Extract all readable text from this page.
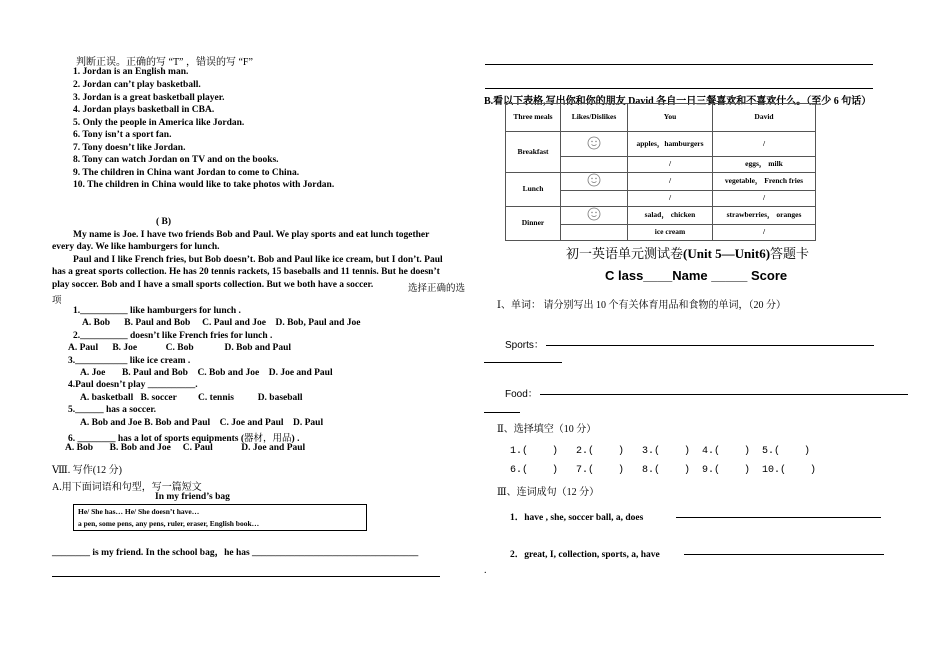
判断正误。正确的写 “T” ，错误的写 “F”
1. Jordan is an English man.
2. Jordan can’t play basketball.
3. Jordan is a great basketball player.
4. Jordan plays basketball in CBA.
5. Only the people in America like Jordan.
6. Tony isn’t a sport fan.
7. Tony doesn’t like Jordan.
8. Tony can watch Jordan on TV and on the books.
9. The children in China want Jordan to come to China.
10. The children in China would like to take photos with Jordan.
( B)
My name is Joe. I have two friends Bob and Paul. We play sports and eat lunch together
every day. We like hamburgers for lunch.
Paul and I like French fries, but Bob doesn’t. Bob and Paul like ice cream, but I don’t. Paul
has a great sports collection. He has 20 tennis rackets, 15 baseballs and 11 tennis. But he doesn’t
play soccer. Bob and I have a small sports collection. But we both have a soccer.	选择正确的选
项
1.__________ like hamburgers for lunch .
A. Bob      B. Paul and Bob     C. Paul and Joe    D. Bob, Paul and Joe
2.__________ doesn’t like French fries for lunch .
A. Paul      B. Joe            C. Bob             D. Bob and Paul
3.___________ like ice cream .
A. Joe       B. Paul and Bob    C. Bob and Joe    D. Joe and Paul
4.Paul doesn’t play __________.
A. basketball   B. soccer         C. tennis          D. baseball
5.______ has a soccer.
A. Bob and Joe B. Bob and Paul    C. Joe and Paul    D. Paul
6. ________ has a lot of sports equipments (器材，用品) .
A. Bob       B. Bob and Joe     C. Paul            D. Joe and Paul
Ⅷ. 写作(12 分)
A.用下面词语和句型，写一篇短文
In my friend’s bag
He/ She has… He/ She doesn’t have…
a pen, some pens, any pens, ruler, eraser, English book…
________ is my friend. In the school bag，he has ___________________________________
B.看以下表格,写出你和你的朋友 David 各自一日三餐喜欢和不喜欢什么。（至少 6 句话）
Three meals	Likes/Dislikes	You	David
Breakfast		apples，hamburgers	/
		/	eggs， milk
Lunch		/	vegetable， French fries
		/	/
Dinner		salad， chicken	strawberries， oranges
		ice cream	/
初一英语单元测试卷(Unit 5—Unit6)答题卡
C lass____Name _____ Score
Ⅰ、单词： 请分别写出 10 个有关体育用品和食物的单词，（20 分）
Sports：
Food：
Ⅱ、选择填空（10 分）
1.(    )   2.(    )   3.(    )  4.(    )  5.(    )
6.(    )   7.(    )   8.(    )  9.(    )  10.(    )
Ⅲ、连词成句（12 分）
1．have , she, soccer ball, a, does
2．great, I, collection, sports, a, have
.
